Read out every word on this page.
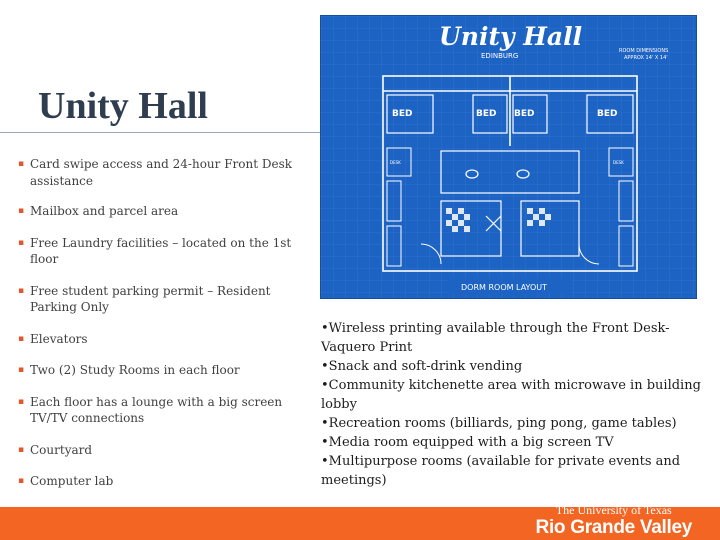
Unity Hall
▪ Card swipe access and 24-hour Front Desk assistance
▪ Mailbox and parcel area
▪ Free Laundry facilities – located on the 1st floor
▪ Free student parking permit – Resident Parking Only
▪ Elevators
▪ Two (2) Study Rooms in each floor
▪ Each floor has a lounge with a big screen TV/TV connections
▪ Courtyard
▪ Computer lab
Unity Hall
EDINBURG
ROOM DIMENSIONS
APPROX 14' X 14'
BED	BED BED	BED
DESK	DESK
DORM ROOM LAYOUT
•Wireless printing available through the Front Desk-Vaquero Print
•Snack and soft-drink vending
•Community kitchenette area with microwave in building lobby
•Recreation rooms (billiards, ping pong, game tables)
•Media room equipped with a big screen TV
•Multipurpose rooms (available for private events and meetings)
The University of Texas
Rio Grande Valley
